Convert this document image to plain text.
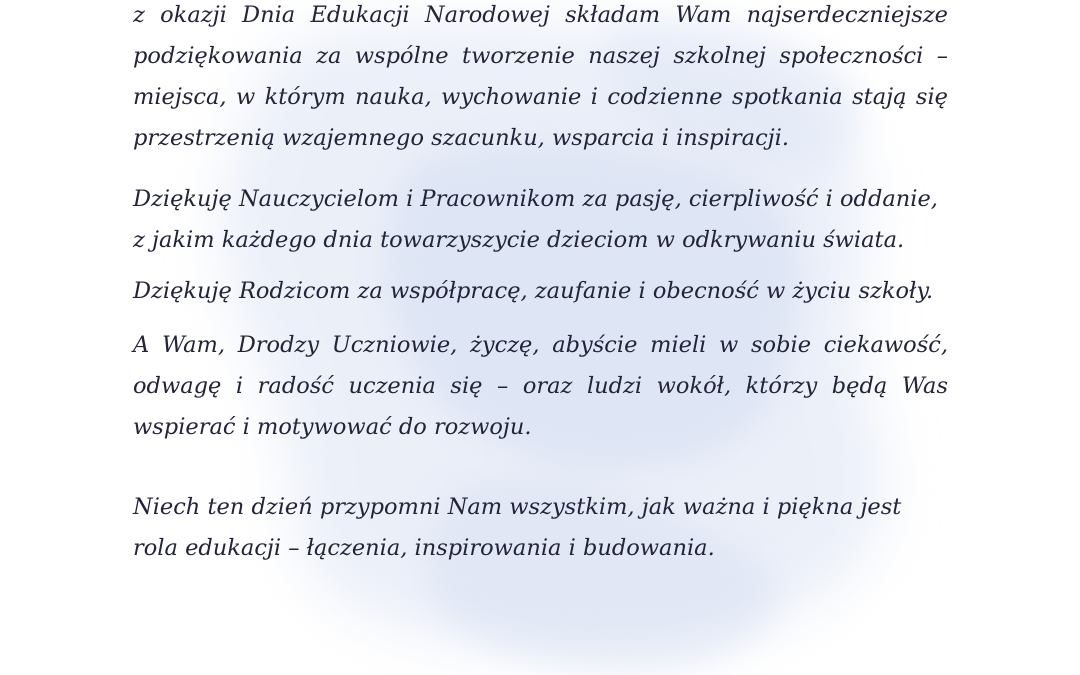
z okazji Dnia Edukacji Narodowej składam Wam najserdeczniejsze podziękowania za wspólne tworzenie naszej szkolnej społeczności – miejsca, w którym nauka, wychowanie i codzienne spotkania stają się przestrzenią wzajemnego szacunku, wsparcia i inspiracji.

Dziękuję Nauczycielom i Pracownikom za pasję, cierpliwość i oddanie, z jakim każdego dnia towarzyszycie dzieciom w odkrywaniu świata.

Dziękuję Rodzicom za współpracę, zaufanie i obecność w życiu szkoły.

A Wam, Drodzy Uczniowie, życzę, abyście mieli w sobie ciekawość, odwagę i radość uczenia się – oraz ludzi wokół, którzy będą Was wspierać i motywować do rozwoju.

Niech ten dzień przypomni Nam wszystkim, jak ważna i piękna jest rola edukacji – łączenia, inspirowania i budowania.
